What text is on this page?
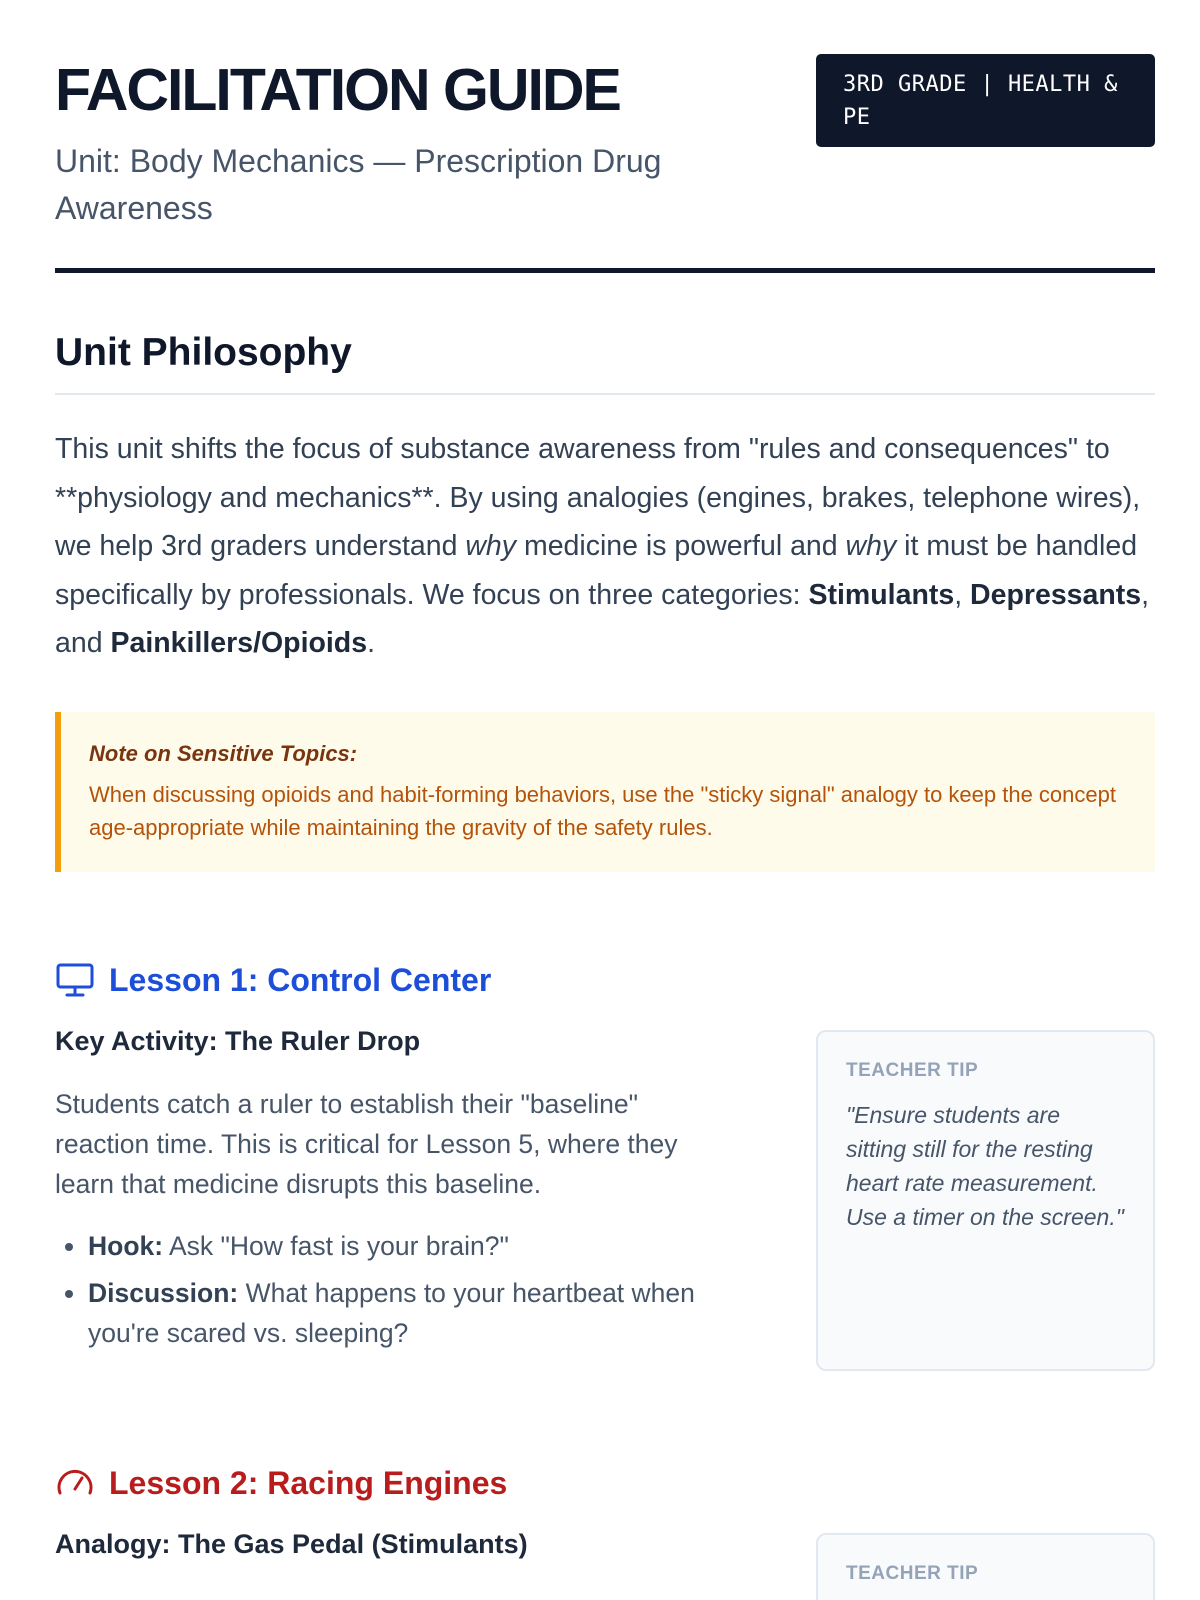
FACILITATION GUIDE
Unit: Body Mechanics — Prescription Drug Awareness
3RD GRADE | HEALTH & PE
Unit Philosophy

This unit shifts the focus of substance awareness from "rules and consequences" to **physiology and mechanics**. By using analogies (engines, brakes, telephone wires), we help 3rd graders understand why medicine is powerful and why it must be handled specifically by professionals. We focus on three categories: Stimulants, Depressants, and Painkillers/Opioids.

Note on Sensitive Topics:
When discussing opioids and habit-forming behaviors, use the "sticky signal" analogy to keep the concept age-appropriate while maintaining the gravity of the safety rules.
Lesson 1: Control Center
Key Activity: The Ruler Drop
Students catch a ruler to establish their "baseline" reaction time. This is critical for Lesson 5, where they learn that medicine disrupts this baseline.
• Hook: Ask "How fast is your brain?"
• Discussion: What happens to your heartbeat when you're scared vs. sleeping?
TEACHER TIP
"Ensure students are sitting still for the resting heart rate measurement. Use a timer on the screen."
Lesson 2: Racing Engines
Analogy: The Gas Pedal (Stimulants)
TEACHER TIP
